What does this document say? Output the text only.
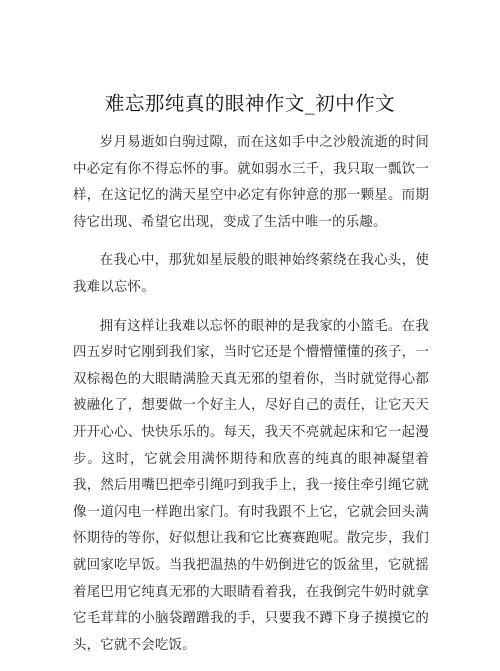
难忘那纯真的眼神作文_初中作文

岁月易逝如白驹过隙，而在这如手中之沙般流逝的时间中必定有你不得忘怀的事。就如弱水三千，我只取一瓢饮一样，在这记忆的满天星空中必定有你钟意的那一颗星。而期待它出现、希望它出现，变成了生活中唯一的乐趣。

在我心中，那犹如星辰般的眼神始终萦绕在我心头，使我难以忘怀。

拥有这样让我难以忘怀的眼神的是我家的小篮毛。在我四五岁时它刚到我们家，当时它还是个懵懵懂懂的孩子，一双棕褐色的大眼睛满脸天真无邪的望着你，当时就觉得心都被融化了，想要做一个好主人，尽好自己的责任，让它天天开开心心、快快乐乐的。每天，我天不亮就起床和它一起漫步。这时，它就会用满怀期待和欣喜的纯真的眼神凝望着我，然后用嘴巴把牵引绳叼到我手上，我一接住牵引绳它就像一道闪电一样跑出家门。有时我跟不上它，它就会回头满怀期待的等你，好似想让我和它比赛赛跑呢。散完步，我们就回家吃早饭。当我把温热的牛奶倒进它的饭盆里，它就摇着尾巴用它纯真无邪的大眼睛看着我，在我倒完牛奶时就拿它毛茸茸的小脑袋蹭蹭我的手，只要我不蹲下身子摸摸它的头，它就不会吃饭。
